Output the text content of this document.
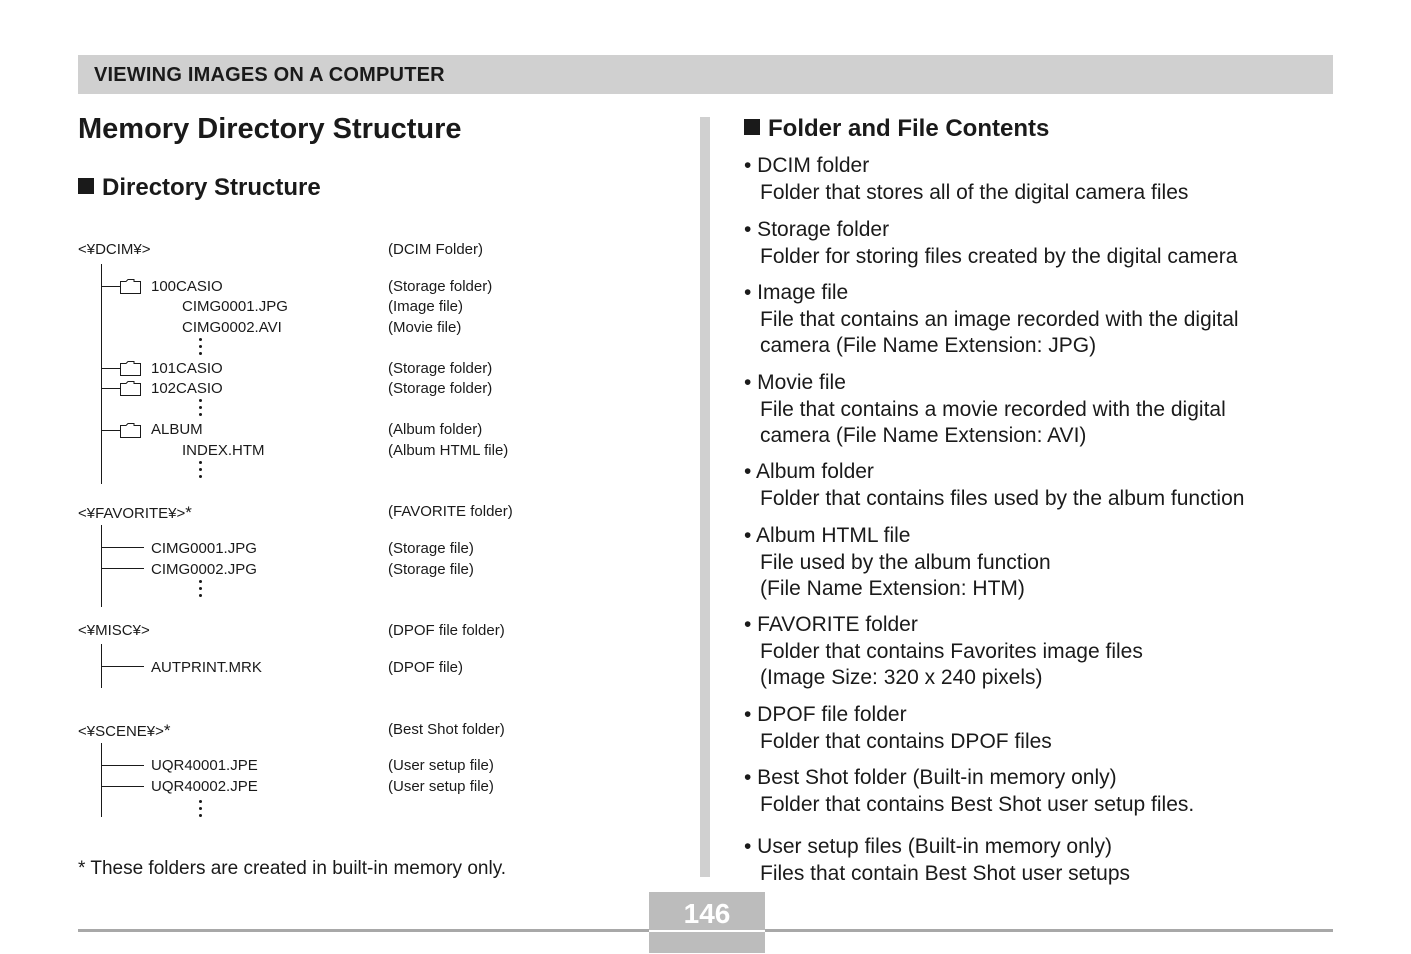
VIEWING IMAGES ON A COMPUTER
Memory Directory Structure
Directory Structure
<¥DCIM¥>	(DCIM Folder)
100CASIO	(Storage folder)
CIMG0001.JPG	(Image file)
CIMG0002.AVI	(Movie file)
101CASIO	(Storage folder)
102CASIO	(Storage folder)
ALBUM	(Album folder)
INDEX.HTM	(Album HTML file)
<¥FAVORITE¥>*	(FAVORITE folder)
CIMG0001.JPG	(Storage file)
CIMG0002.JPG	(Storage file)
<¥MISC¥>	(DPOF file folder)
AUTPRINT.MRK	(DPOF file)
<¥SCENE¥>*	(Best Shot folder)
UQR40001.JPE	(User setup file)
UQR40002.JPE	(User setup file)
* These folders are created in built-in memory only.
Folder and File Contents
• DCIM folder
Folder that stores all of the digital camera files
• Storage folder
Folder for storing files created by the digital camera
• Image file
File that contains an image recorded with the digital
camera (File Name Extension: JPG)
• Movie file
File that contains a movie recorded with the digital
camera (File Name Extension: AVI)
• Album folder
Folder that contains files used by the album function
• Album HTML file
File used by the album function
(File Name Extension: HTM)
• FAVORITE folder
Folder that contains Favorites image files
(Image Size: 320 x 240 pixels)
• DPOF file folder
Folder that contains DPOF files
• Best Shot folder (Built-in memory only)
Folder that contains Best Shot user setup files.
• User setup files (Built-in memory only)
Files that contain Best Shot user setups
146
